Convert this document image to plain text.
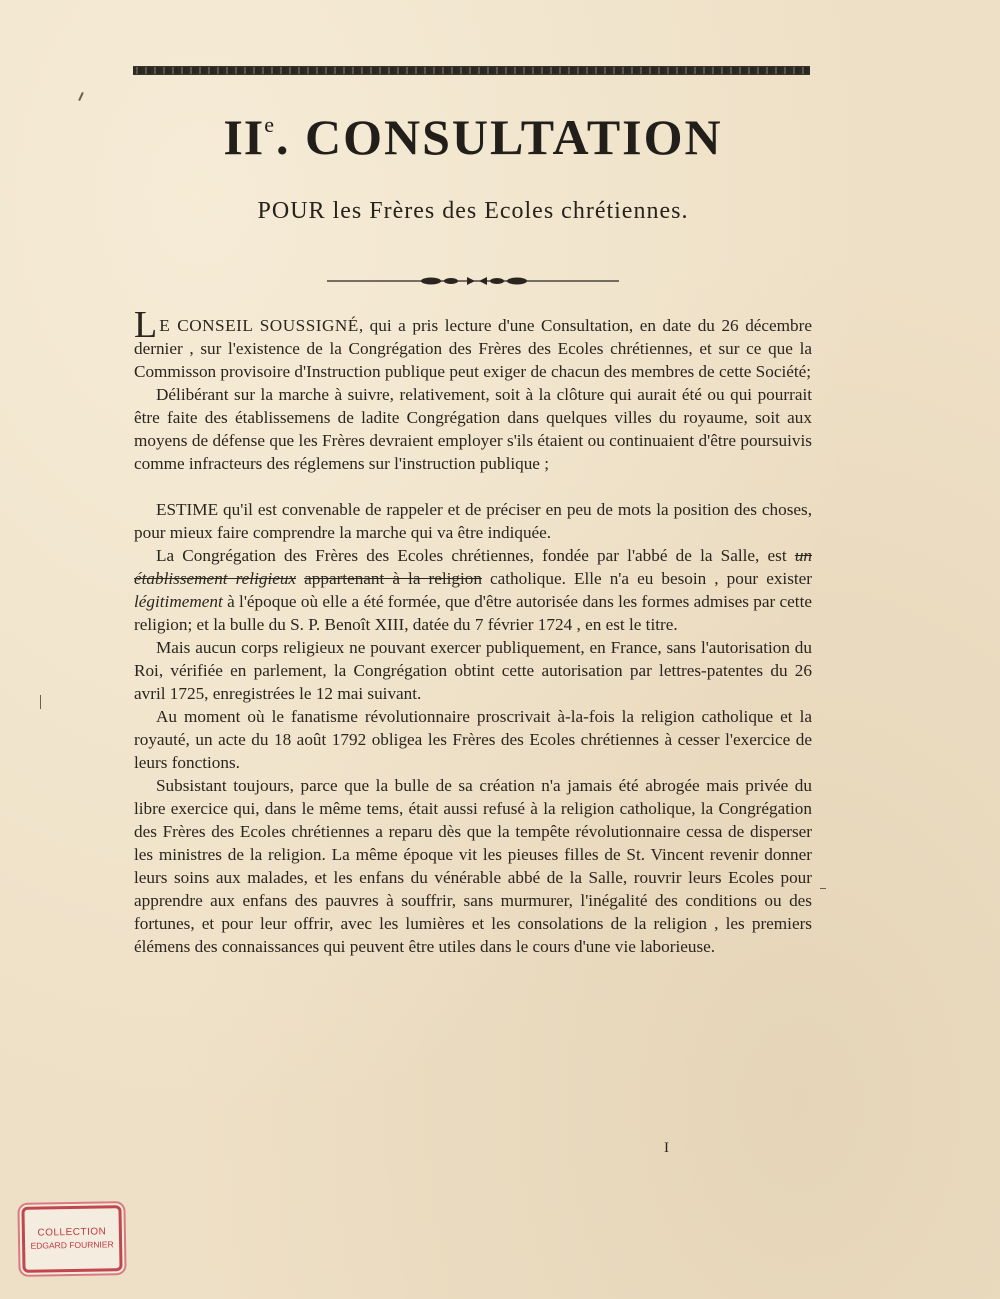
IIe. CONSULTATION
POUR les Frères des Ecoles chrétiennes.

L E CONSEIL SOUSSIGNÉ, qui a pris lecture d'une Consultation, en date du 26 décembre dernier , sur l'existence de la Congrégation des Frères des Ecoles chrétiennes, et sur ce que la Commisson provisoire d'Instruction publique peut exiger de chacun des membres de cette Société;

Délibérant sur la marche à suivre, relativement, soit à la clôture qui aurait été ou qui pourrait être faite des établissemens de ladite Congrégation dans quelques villes du royaume, soit aux moyens de défense que les Frères devraient employer s'ils étaient ou continuaient d'être poursuivis comme infracteurs des réglemens sur l'instruction publique ;

ESTIME qu'il est convenable de rappeler et de préciser en peu de mots la position des choses, pour mieux faire comprendre la marche qui va être indiquée.

La Congrégation des Frères des Ecoles chrétiennes, fondée par l'abbé de la Salle, est un établissement religieux appartenant à la religion catholique. Elle n'a eu besoin , pour exister légitimement à l'époque où elle a été formée, que d'être autorisée dans les formes admises par cette religion; et la bulle du S. P. Benoît XIII, datée du 7 février 1724 , en est le titre.

Mais aucun corps religieux ne pouvant exercer publiquement, en France, sans l'autorisation du Roi, vérifiée en parlement, la Congrégation obtint cette autorisation par lettres-patentes du 26 avril 1725, enregistrées le 12 mai suivant.

Au moment où le fanatisme révolutionnaire proscrivait à-la-fois la religion catholique et la royauté, un acte du 18 août 1792 obligea les Frères des Ecoles chrétiennes à cesser l'exercice de leurs fonctions.

Subsistant toujours, parce que la bulle de sa création n'a jamais été abrogée mais privée du libre exercice qui, dans le même tems, était aussi refusé à la religion catholique, la Congrégation des Frères des Ecoles chrétiennes a reparu dès que la tempête révolutionnaire cessa de disperser les ministres de la religion. La même époque vit les pieuses filles de St. Vincent revenir donner leurs soins aux malades, et les enfans du vénérable abbé de la Salle, rouvrir leurs Ecoles pour apprendre aux enfans des pauvres à souffrir, sans murmurer, l'inégalité des conditions ou des fortunes, et pour leur offrir, avec les lumières et les consolations de la religion , les premiers élémens des connaissances qui peuvent être utiles dans le cours d'une vie laborieuse.

I
COLLECTION
EDGARD FOURNIER
